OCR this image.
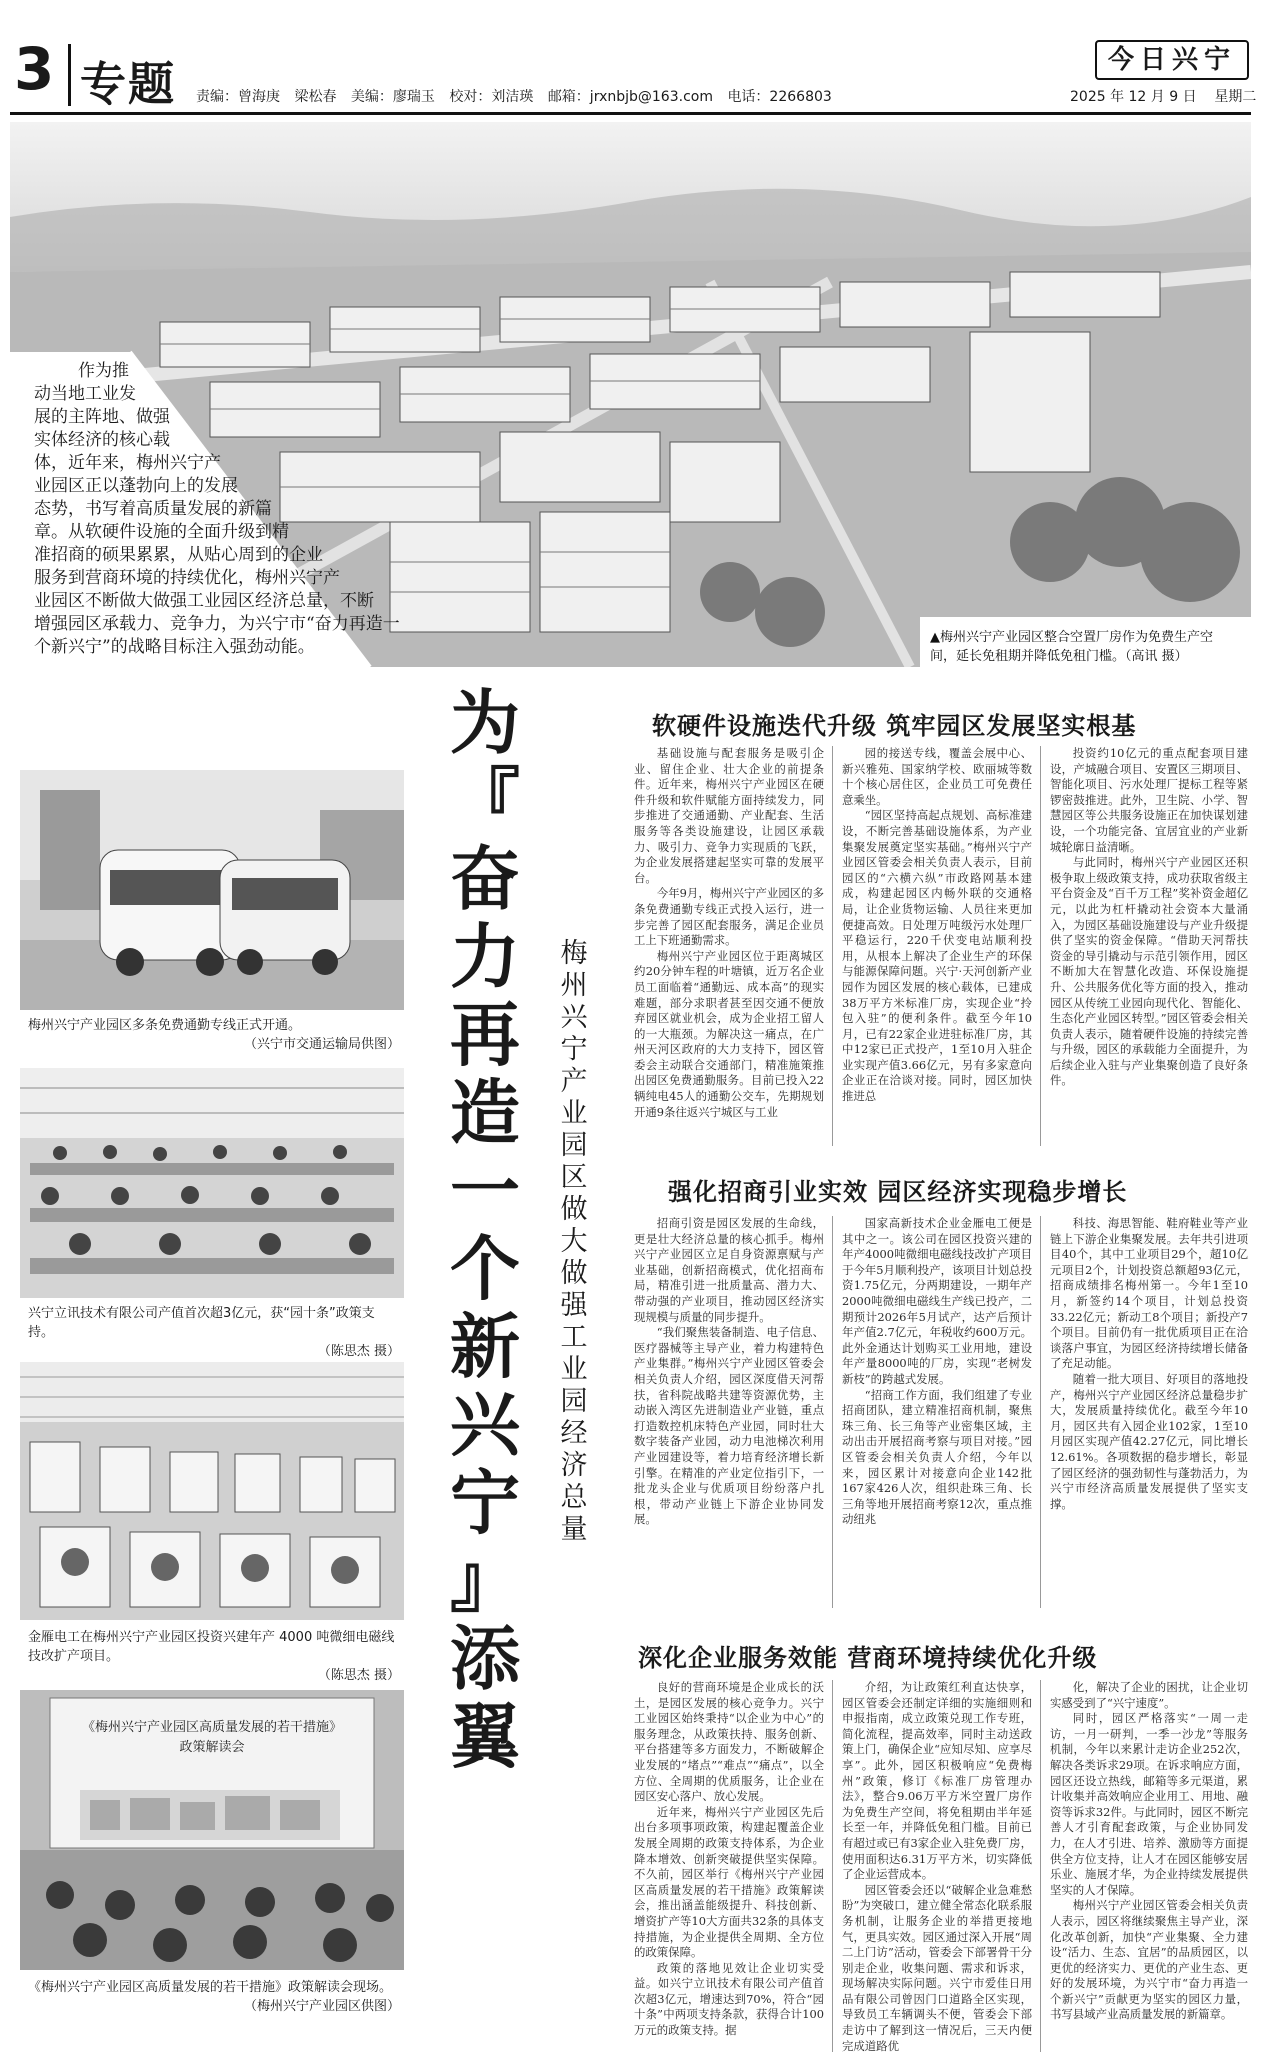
3 专题 责编：曾海庚 梁松春 美编：廖瑞玉 校对：刘洁瑛 邮箱：jrxnbjb@163.com 电话：2266803
今日兴宁
2025 年 12 月 9 日 星期二
▲梅州兴宁产业园区整合空置厂房作为免费生产空间，延长免租期并降低免租门槛。（高讯 摄）
作为推
动当地工业发
展的主阵地、做强
实体经济的核心载
体，近年来，梅州兴宁产
业园区正以蓬勃向上的发展
态势，书写着高质量发展的新篇
章。从软硬件设施的全面升级到精
准招商的硕果累累，从贴心周到的企业
服务到营商环境的持续优化，梅州兴宁产
业园区不断做大做强工业园区经济总量，不断
增强园区承载力、竞争力，为兴宁市“奋力再造一
个新兴宁”的战略目标注入强劲动能。
梅州兴宁产业园区多条免费通勤专线正式开通。
（兴宁市交通运输局供图）
兴宁立讯技术有限公司产值首次超3亿元，获“园十条”政策支持。
（陈思杰 摄）
金雁电工在梅州兴宁产业园区投资兴建年产 4000 吨微细电磁线技改扩产项目。
（陈思杰 摄）
《梅州兴宁产业园区高质量发展的若干措施》
政策解读会
《梅州兴宁产业园区高质量发展的若干措施》政策解读会现场。
（梅州兴宁产业园区供图）
为
『
奋
力
再
造
一
个
新
兴
宁
』
添
翼
梅
州
兴
宁
产
业
园
区
做
大
做
强
工
业
园
经
济
总
量
软硬件设施迭代升级 筑牢园区发展坚实根基

基础设施与配套服务是吸引企业、留住企业、壮大企业的前提条件。近年来，梅州兴宁产业园区在硬件升级和软件赋能方面持续发力，同步推进了交通通勤、产业配套、生活服务等各类设施建设，让园区承载力、吸引力、竞争力实现质的飞跃，为企业发展搭建起坚实可靠的发展平台。

今年9月，梅州兴宁产业园区的多条免费通勤专线正式投入运行，进一步完善了园区配套服务，满足企业员工上下班通勤需求。

梅州兴宁产业园区位于距离城区约20分钟车程的叶塘镇，近万名企业员工面临着“通勤远、成本高”的现实难题，部分求职者甚至因交通不便放弃园区就业机会，成为企业招工留人的一大瓶颈。为解决这一痛点，在广州天河区政府的大力支持下，园区管委会主动联合交通部门，精准施策推出园区免费通勤服务。目前已投入22辆纯电45人的通勤公交车，先期规划开通9条往返兴宁城区与工业

园的接送专线，覆盖会展中心、新兴雅苑、国家纳学校、欧丽城等数十个核心居住区，企业员工可免费任意乘坐。

“园区坚持高起点规划、高标准建设，不断完善基础设施体系，为产业集聚发展奠定坚实基础。”梅州兴宁产业园区管委会相关负责人表示，目前园区的“六横六纵”市政路网基本建成，构建起园区内畅外联的交通格局，让企业货物运输、人员往来更加便捷高效。日处理万吨级污水处理厂平稳运行，220千伏变电站顺利投用，从根本上解决了企业生产的环保与能源保障问题。兴宁·天河创新产业园作为园区发展的核心载体，已建成38万平方米标准厂房，实现企业“拎包入驻”的便利条件。截至今年10月，已有22家企业进驻标准厂房，其中12家已正式投产，1至10月入驻企业实现产值3.66亿元，另有多家意向企业正在洽谈对接。同时，园区加快推进总

投资约10亿元的重点配套项目建设，产城融合项目、安置区三期项目、智能化项目、污水处理厂提标工程等紧锣密鼓推进。此外，卫生院、小学、智慧园区等公共服务设施正在加快谋划建设，一个功能完备、宜居宜业的产业新城轮廓日益清晰。

与此同时，梅州兴宁产业园区还积极争取上级政策支持，成功获取省级主平台资金及“百千万工程”奖补资金超亿元，以此为杠杆撬动社会资本大量涌入，为园区基础设施建设与产业升级提供了坚实的资金保障。“借助天河帮扶资金的导引撬动与示范引领作用，园区不断加大在智慧化改造、环保设施提升、公共服务优化等方面的投入，推动园区从传统工业园向现代化、智能化、生态化产业园区转型。”园区管委会相关负责人表示，随着硬件设施的持续完善与升级，园区的承载能力全面提升，为后续企业入驻与产业集聚创造了良好条件。

强化招商引业实效 园区经济实现稳步增长

招商引资是园区发展的生命线，更是壮大经济总量的核心抓手。梅州兴宁产业园区立足自身资源禀赋与产业基础，创新招商模式，优化招商布局，精准引进一批质量高、潜力大、带动强的产业项目，推动园区经济实现规模与质量的同步提升。

“我们聚焦装备制造、电子信息、医疗器械等主导产业，着力构建特色产业集群。”梅州兴宁产业园区管委会相关负责人介绍，园区深度借天河帮扶，省科院战略共建等资源优势，主动嵌入湾区先进制造业产业链，重点打造数控机床特色产业园，同时壮大数字装备产业园，动力电池梯次利用产业园建设等，着力培育经济增长新引擎。在精准的产业定位指引下，一批龙头企业与优质项目纷纷落户扎根，带动产业链上下游企业协同发展。

国家高新技术企业金雁电工便是其中之一。该公司在园区投资兴建的年产4000吨微细电磁线技改扩产项目于今年5月顺利投产，该项目计划总投资1.75亿元，分两期建设，一期年产2000吨微细电磁线生产线已投产，二期预计2026年5月试产，达产后预计年产值2.7亿元，年税收约600万元。此外金通达计划购买工业用地，建设年产量8000吨的厂房，实现“老树发新枝”的跨越式发展。

“招商工作方面，我们组建了专业招商团队，建立精准招商机制，聚焦珠三角、长三角等产业密集区域，主动出击开展招商考察与项目对接。”园区管委会相关负责人介绍，今年以来，园区累计对接意向企业142批167家426人次，组织赴珠三角、长三角等地开展招商考察12次，重点推动纽兆

科技、海思智能、鞋府鞋业等产业链上下游企业集聚发展。去年共引进项目40个，其中工业项目29个，超10亿元项目2个，计划投资总额超93亿元，招商成绩排名梅州第一。今年1至10月，新签约14个项目，计划总投资33.22亿元；新动工8个项目；新投产7个项目。目前仍有一批优质项目正在洽谈落户事宜，为园区经济持续增长储备了充足动能。

随着一批大项目、好项目的落地投产，梅州兴宁产业园区经济总量稳步扩大，发展质量持续优化。截至今年10月，园区共有入园企业102家，1至10月园区实现产值42.27亿元，同比增长12.61%。各项数据的稳步增长，彰显了园区经济的强劲韧性与蓬勃活力，为兴宁市经济高质量发展提供了坚实支撑。

深化企业服务效能 营商环境持续优化升级

良好的营商环境是企业成长的沃土，是园区发展的核心竞争力。兴宁工业园区始终秉持“以企业为中心”的服务理念，从政策扶持、服务创新、平台搭建等多方面发力，不断破解企业发展的“堵点”“难点”“痛点”，以全方位、全周期的优质服务，让企业在园区安心落户、放心发展。

近年来，梅州兴宁产业园区先后出台多项事项政策，构建起覆盖企业发展全周期的政策支持体系，为企业降本增效、创新突破提供坚实保障。不久前，园区举行《梅州兴宁产业园区高质量发展的若干措施》政策解读会，推出涵盖能级提升、科技创新、增资扩产等10大方面共32条的具体支持措施，为企业提供全周期、全方位的政策保障。

政策的落地见效让企业切实受益。如兴宁立讯技术有限公司产值首次超3亿元，增速达到70%，符合“园十条”中两项支持条款，获得合计100万元的政策支持。据

介绍，为让政策红利直达快享，园区管委会还制定详细的实施细则和申报指南，成立政策兑现工作专班，简化流程，提高效率，同时主动送政策上门，确保企业“应知尽知、应享尽享”。此外，园区积极响应“免费梅州”政策，修订《标准厂房管理办法》，整合9.06万平方米空置厂房作为免费生产空间，将免租期由半年延长至一年，并降低免租门槛。目前已有超过或已有3家企业入驻免费厂房，使用面积达6.31万平方米，切实降低了企业运营成本。

园区管委会还以“破解企业急难愁盼”为突破口，建立健全常态化联系服务机制，让服务企业的举措更接地气，更具实效。园区通过深入开展“周二上门访”活动，管委会下部署骨干分别走企业，收集问题、需求和诉求，现场解决实际问题。兴宁市爱佳日用品有限公司曾因门口道路全区实现，导致员工车辆调头不便，管委会下部走访中了解到这一情况后，三天内便完成道路优

化，解决了企业的困扰，让企业切实感受到了“兴宁速度”。

同时，园区严格落实“一周一走访，一月一研判，一季一沙龙”等服务机制，今年以来累计走访企业252次，解决各类诉求29项。在诉求响应方面，园区还设立热线，邮箱等多元渠道，累计收集并高效响应企业用工、用地、融资等诉求32件。与此同时，园区不断完善人才引育配套政策，与企业协同发力，在人才引进、培养、激励等方面提供全方位支持，让人才在园区能够安居乐业、施展才华，为企业持续发展提供坚实的人才保障。

梅州兴宁产业园区管委会相关负责人表示，园区将继续聚焦主导产业，深化改革创新，加快“产业集聚、全力建设“活力、生态、宜居”的品质园区，以更优的经济实力、更优的产业生态、更好的发展环境，为兴宁市“奋力再造一个新兴宁”贡献更为坚实的园区力量，书写县域产业高质量发展的新篇章。
